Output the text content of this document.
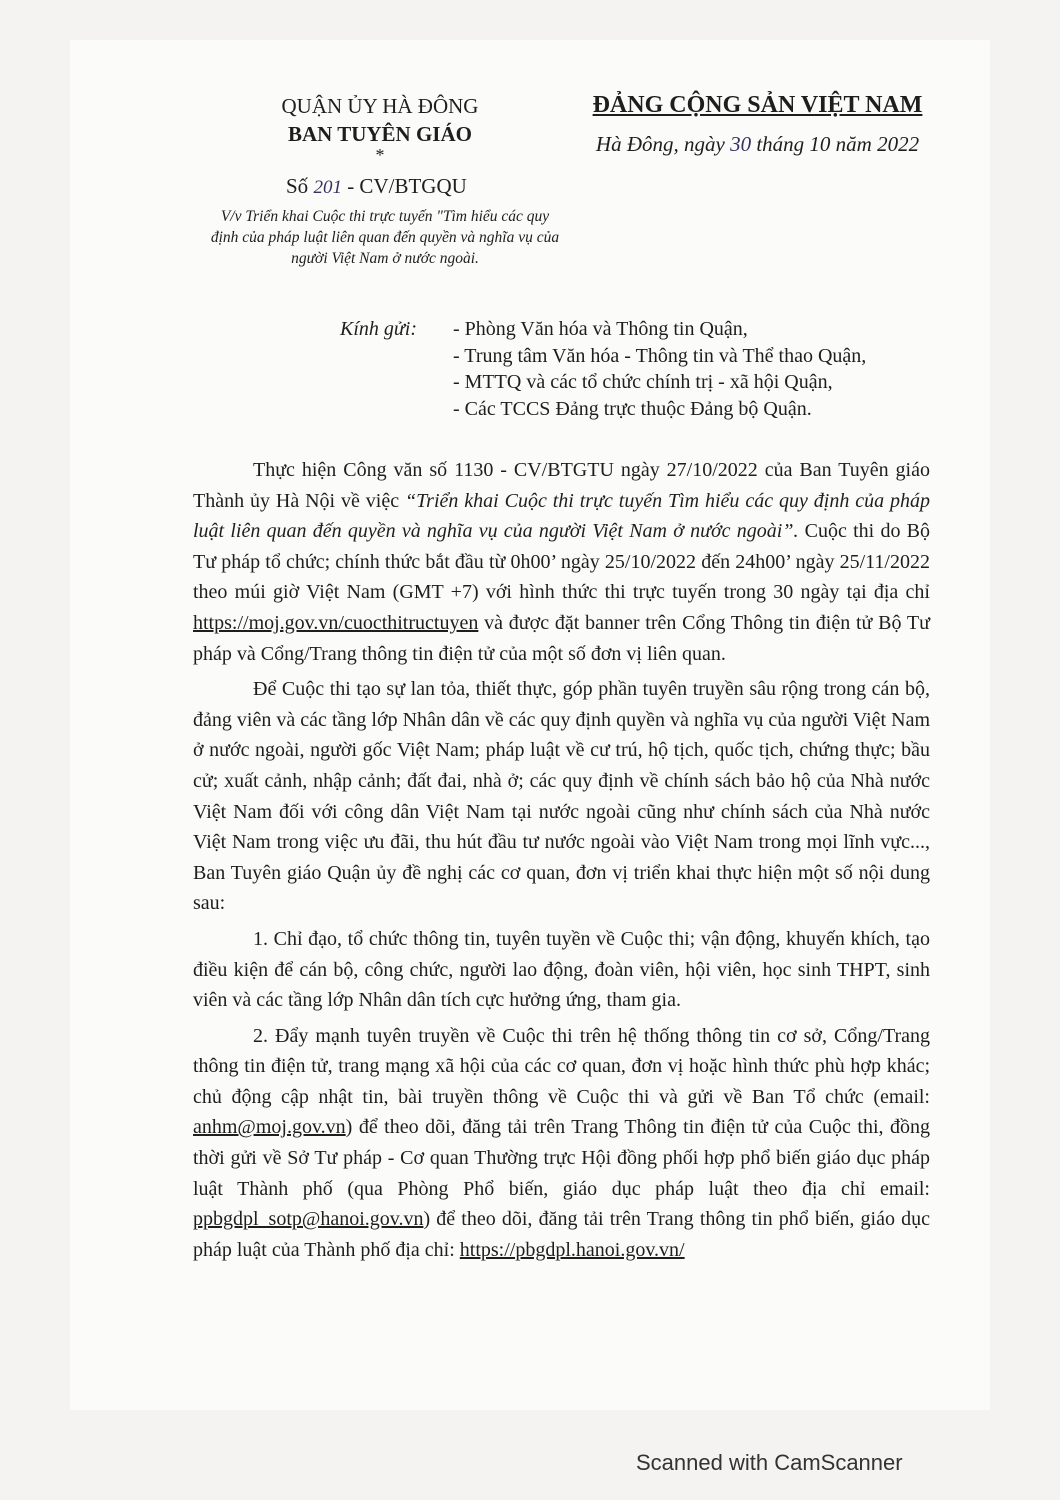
QUẬN ỦY HÀ ĐÔNG
BAN TUYÊN GIÁO
*
Số 201 - CV/BTGQU
V/v Triển khai Cuộc thi trực tuyến "Tìm hiểu các quy định của pháp luật liên quan đến quyền và nghĩa vụ của người Việt Nam ở nước ngoài.
ĐẢNG CỘNG SẢN VIỆT NAM
Hà Đông, ngày 30 tháng 10 năm 2022
Kính gửi: - Phòng Văn hóa và Thông tin Quận,
- Trung tâm Văn hóa - Thông tin và Thể thao Quận,
- MTTQ và các tổ chức chính trị - xã hội Quận,
- Các TCCS Đảng trực thuộc Đảng bộ Quận.

Thực hiện Công văn số 1130 - CV/BTGTU ngày 27/10/2022 của Ban Tuyên giáo Thành ủy Hà Nội về việc “Triển khai Cuộc thi trực tuyến Tìm hiểu các quy định của pháp luật liên quan đến quyền và nghĩa vụ của người Việt Nam ở nước ngoài”. Cuộc thi do Bộ Tư pháp tổ chức; chính thức bắt đầu từ 0h00’ ngày 25/10/2022 đến 24h00’ ngày 25/11/2022 theo múi giờ Việt Nam (GMT +7) với hình thức thi trực tuyến trong 30 ngày tại địa chỉ https://moj.gov.vn/cuocthitructuyen và được đặt banner trên Cổng Thông tin điện tử Bộ Tư pháp và Cổng/Trang thông tin điện tử của một số đơn vị liên quan.

Để Cuộc thi tạo sự lan tỏa, thiết thực, góp phần tuyên truyền sâu rộng trong cán bộ, đảng viên và các tầng lớp Nhân dân về các quy định quyền và nghĩa vụ của người Việt Nam ở nước ngoài, người gốc Việt Nam; pháp luật về cư trú, hộ tịch, quốc tịch, chứng thực; bầu cử; xuất cảnh, nhập cảnh; đất đai, nhà ở; các quy định về chính sách bảo hộ của Nhà nước Việt Nam đối với công dân Việt Nam tại nước ngoài cũng như chính sách của Nhà nước Việt Nam trong việc ưu đãi, thu hút đầu tư nước ngoài vào Việt Nam trong mọi lĩnh vực..., Ban Tuyên giáo Quận ủy đề nghị các cơ quan, đơn vị triển khai thực hiện một số nội dung sau:

1. Chỉ đạo, tổ chức thông tin, tuyên tuyền về Cuộc thi; vận động, khuyến khích, tạo điều kiện để cán bộ, công chức, người lao động, đoàn viên, hội viên, học sinh THPT, sinh viên và các tầng lớp Nhân dân tích cực hưởng ứng, tham gia.

2. Đẩy mạnh tuyên truyền về Cuộc thi trên hệ thống thông tin cơ sở, Cổng/Trang thông tin điện tử, trang mạng xã hội của các cơ quan, đơn vị hoặc hình thức phù hợp khác; chủ động cập nhật tin, bài truyền thông về Cuộc thi và gửi về Ban Tổ chức (email: anhm@moj.gov.vn) để theo dõi, đăng tải trên Trang Thông tin điện tử của Cuộc thi, đồng thời gửi về Sở Tư pháp - Cơ quan Thường trực Hội đồng phối hợp phổ biến giáo dục pháp luật Thành phố (qua Phòng Phổ biến, giáo dục pháp luật theo địa chỉ email: ppbgdpl_sotp@hanoi.gov.vn) để theo dõi, đăng tải trên Trang thông tin phổ biến, giáo dục pháp luật của Thành phố địa chỉ: https://pbgdpl.hanoi.gov.vn/

Scanned with CamScanner
